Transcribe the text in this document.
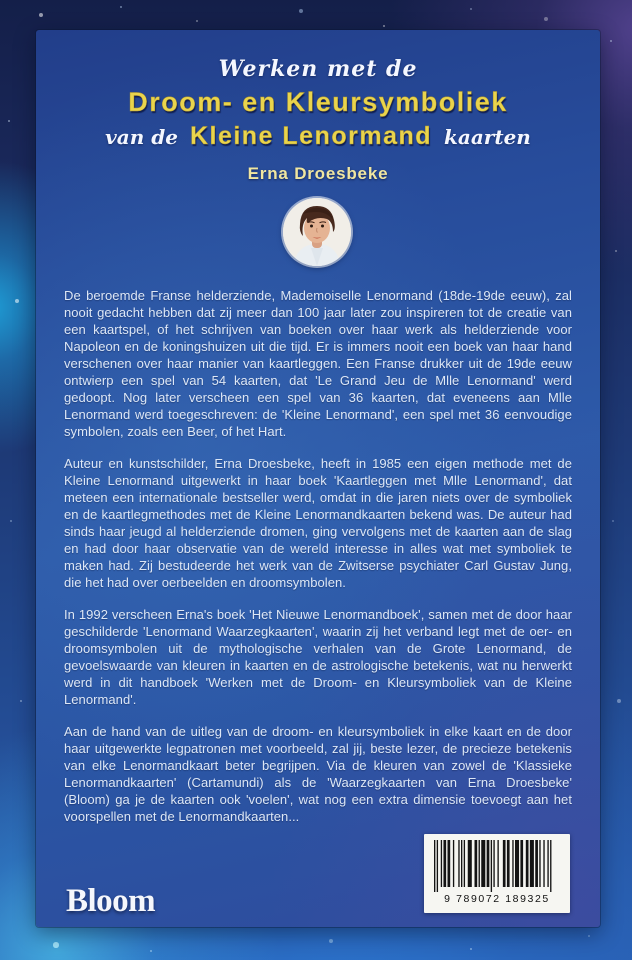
Werken met de
Droom- en Kleursymboliek
van de Kleine Lenormand kaarten
Erna Droesbeke

De beroemde Franse helderziende, Mademoiselle Lenormand (18de-19de eeuw), zal nooit gedacht hebben dat zij meer dan 100 jaar later zou inspireren tot de creatie van een kaartspel, of het schrijven van boeken over haar werk als helderziende voor Napoleon en de koningshuizen uit die tijd. Er is immers nooit een boek van haar hand verschenen over haar manier van kaartleggen. Een Franse drukker uit de 19de eeuw ontwierp een spel van 54 kaarten, dat 'Le Grand Jeu de Mlle Lenormand' werd gedoopt. Nog later verscheen een spel van 36 kaarten, dat eveneens aan Mlle Lenormand werd toegeschreven: de 'Kleine Lenormand', een spel met 36 eenvoudige symbolen, zoals een Beer, of het Hart.

Auteur en kunstschilder, Erna Droesbeke, heeft in 1985 een eigen methode met de Kleine Lenormand uitgewerkt in haar boek 'Kaartleggen met Mlle Lenormand', dat meteen een internationale bestseller werd, omdat in die jaren niets over de symboliek en de kaartlegmethodes met de Kleine Lenormandkaarten bekend was. De auteur had sinds haar jeugd al helderziende dromen, ging vervolgens met de kaarten aan de slag en had door haar observatie van de wereld interesse in alles wat met symboliek te maken had. Zij bestudeerde het werk van de Zwitserse psychiater Carl Gustav Jung, die het had over oerbeelden en droomsymbolen.

In 1992 verscheen Erna's boek 'Het Nieuwe Lenormandboek', samen met de door haar geschilderde 'Lenormand Waarzegkaarten', waarin zij het verband legt met de oer- en droomsymbolen uit de mythologische verhalen van de Grote Lenormand, de gevoelswaarde van kleuren in kaarten en de astrologische betekenis, wat nu herwerkt werd in dit handboek 'Werken met de Droom- en Kleursymboliek van de Kleine Lenormand'.

Aan de hand van de uitleg van de droom- en kleursymboliek in elke kaart en de door haar uitgewerkte legpatronen met voorbeeld, zal jij, beste lezer, de precieze betekenis van elke Lenormandkaart beter begrijpen. Via de kleuren van zowel de 'Klassieke Lenormandkaarten' (Cartamundi) als de 'Waarzegkaarten van Erna Droesbeke' (Bloom) ga je de kaarten ook 'voelen', wat nog een extra dimensie toevoegt aan het voorspellen met de Lenormandkaarten...

Bloom	9 789072 189325
